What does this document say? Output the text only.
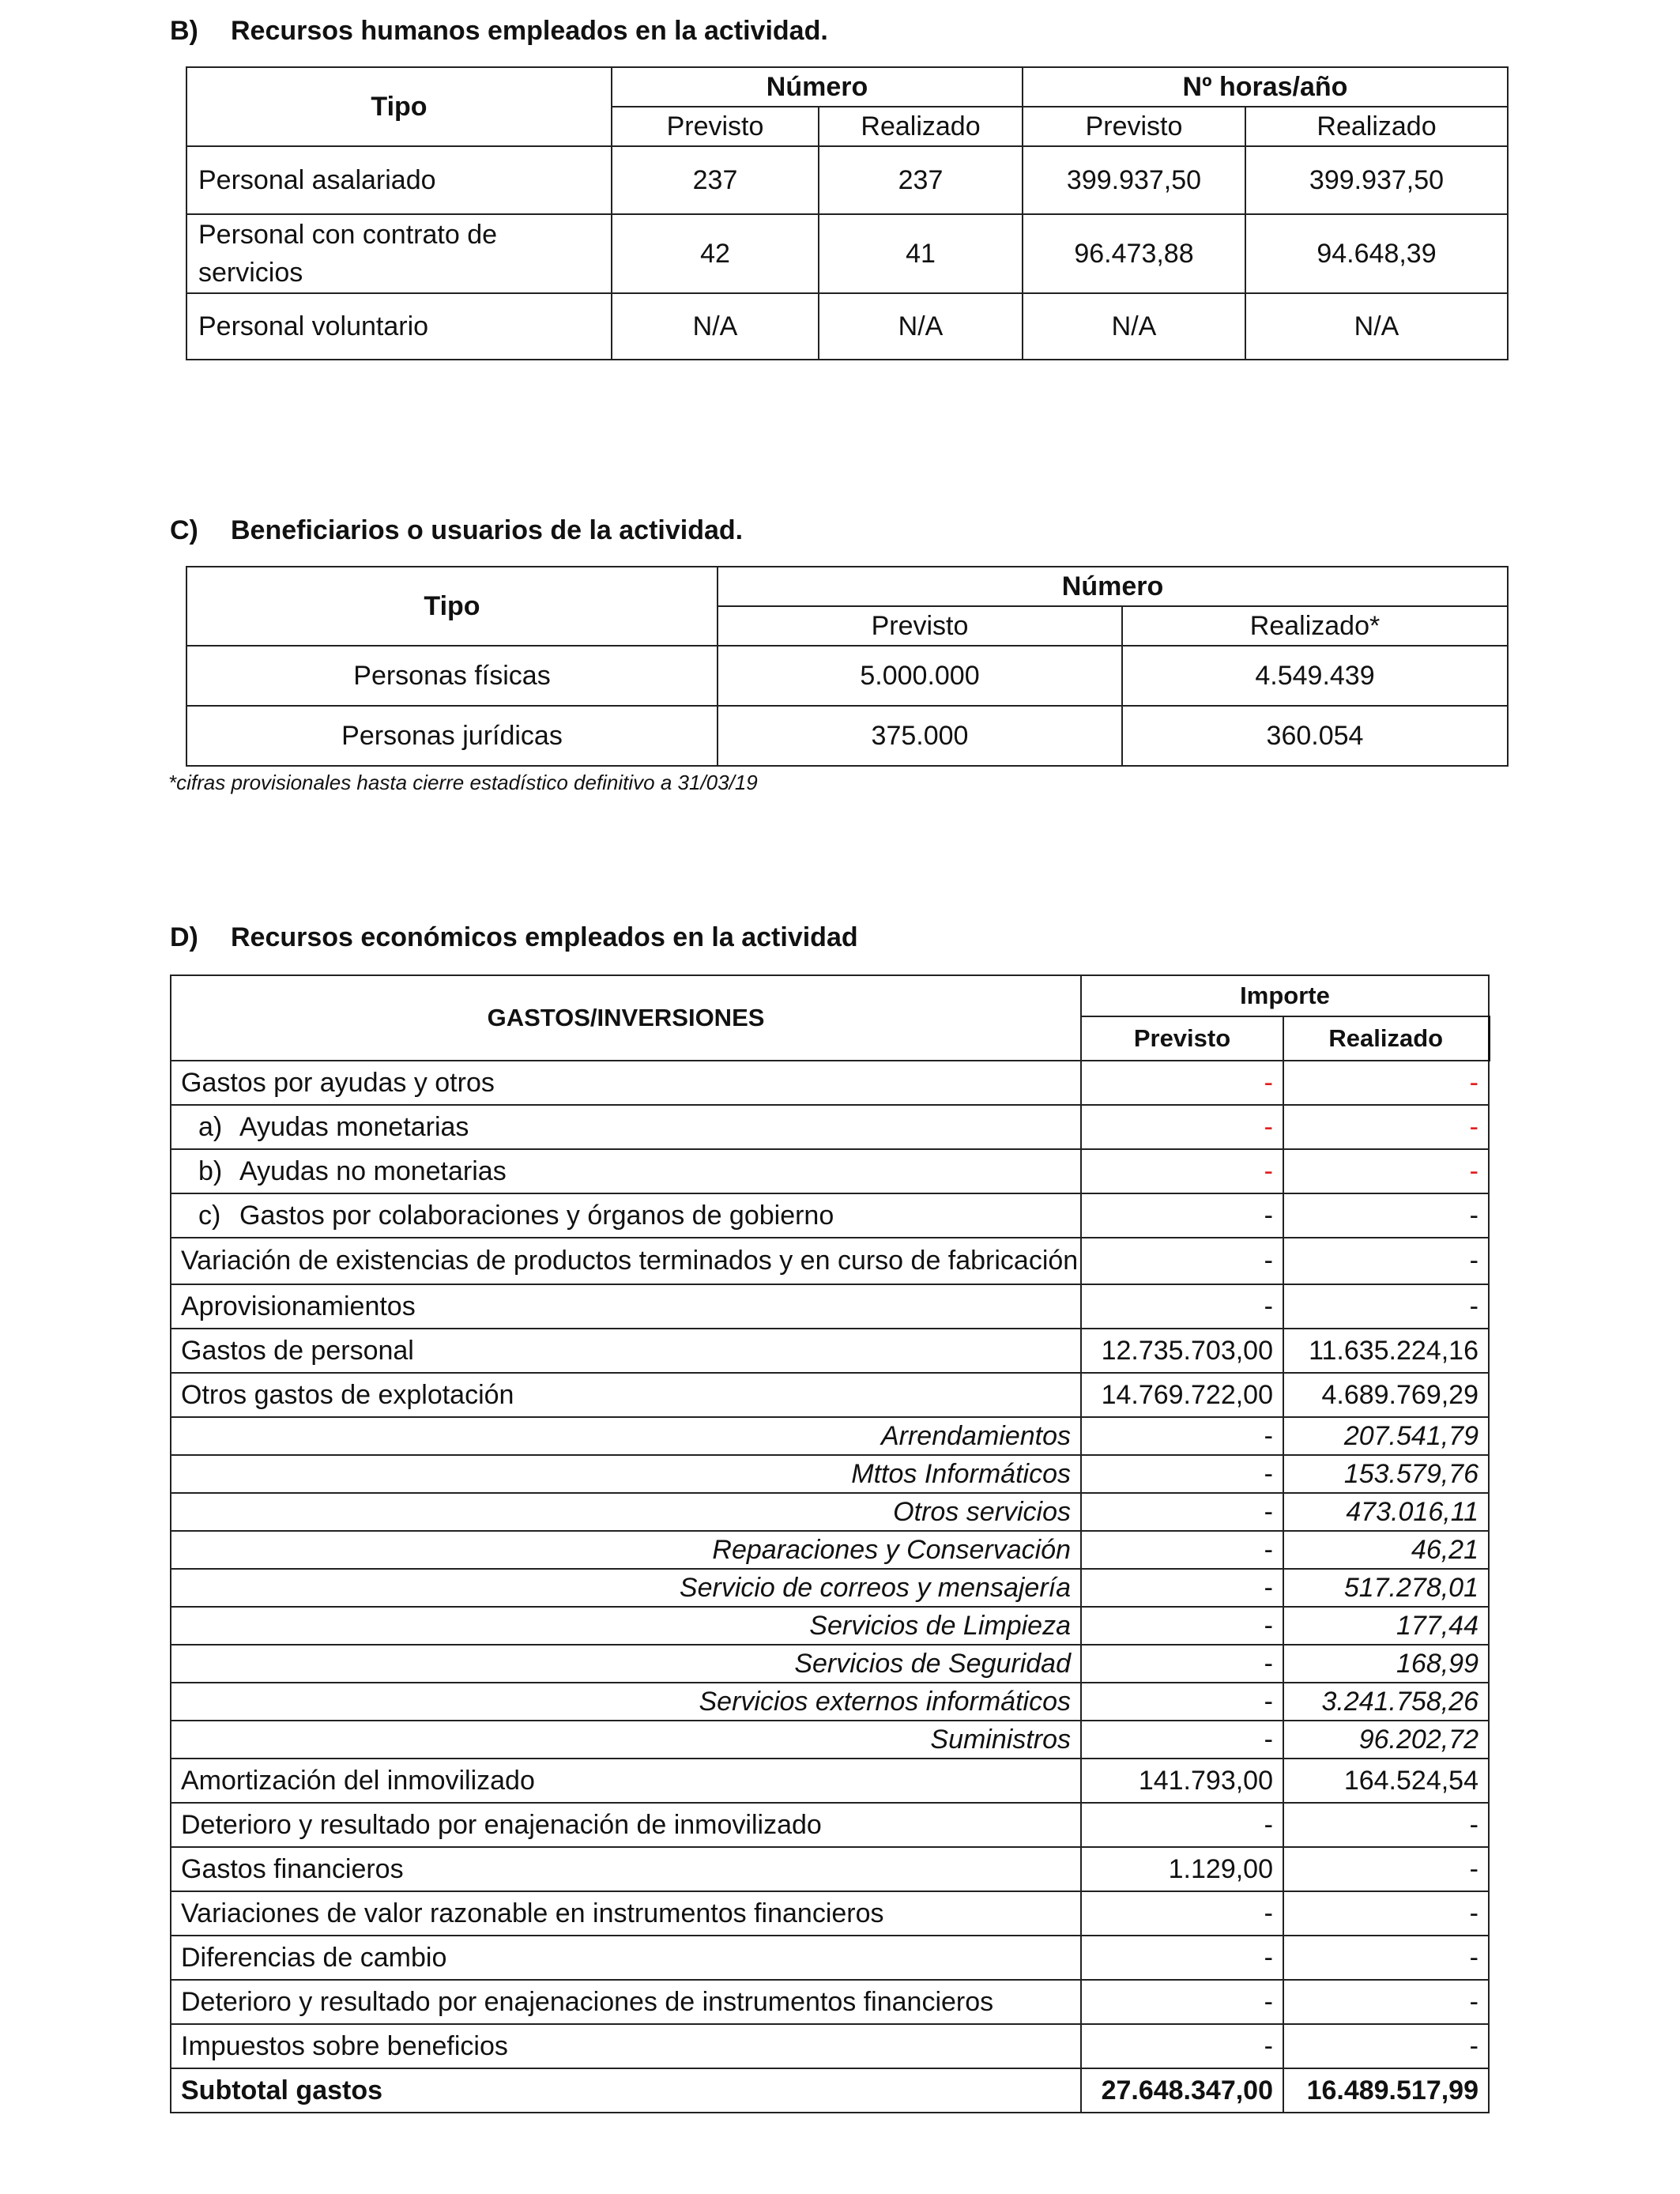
B) Recursos humanos empleados en la actividad.
Tipo	Número		Nº horas/año	
	Previsto	Realizado	Previsto	Realizado
Personal asalariado	237	237	399.937,50	399.937,50
Personal con contrato de servicios	42	41	96.473,88	94.648,39
Personal voluntario	N/A	N/A	N/A	N/A
C) Beneficiarios o usuarios de la actividad.
Tipo	Número	
	Previsto	Realizado*
Personas físicas	5.000.000	4.549.439
Personas jurídicas	375.000	360.054
*cifras provisionales hasta cierre estadístico definitivo a 31/03/19
D) Recursos económicos empleados en la actividad
GASTOS/INVERSIONES	Importe	
	Previsto	Realizado
Gastos por ayudas y otros	-	-
a) Ayudas monetarias	-	-
b) Ayudas no monetarias	-	-
c) Gastos por colaboraciones y órganos de gobierno	-	-
Variación de existencias de productos terminados y en curso de fabricación	-	-
Aprovisionamientos	-	-
Gastos de personal	12.735.703,00	11.635.224,16
Otros gastos de explotación	14.769.722,00	4.689.769,29
Arrendamientos	-	207.541,79
Mttos Informáticos	-	153.579,76
Otros servicios	-	473.016,11
Reparaciones y Conservación	-	46,21
Servicio de correos y mensajería	-	517.278,01
Servicios de Limpieza	-	177,44
Servicios de Seguridad	-	168,99
Servicios externos informáticos	-	3.241.758,26
Suministros	-	96.202,72
Amortización del inmovilizado	141.793,00	164.524,54
Deterioro y resultado por enajenación de inmovilizado	-	-
Gastos financieros	1.129,00	-
Variaciones de valor razonable en instrumentos financieros	-	-
Diferencias de cambio	-	-
Deterioro y resultado por enajenaciones de instrumentos financieros	-	-
Impuestos sobre beneficios	-	-
Subtotal gastos	27.648.347,00	16.489.517,99
